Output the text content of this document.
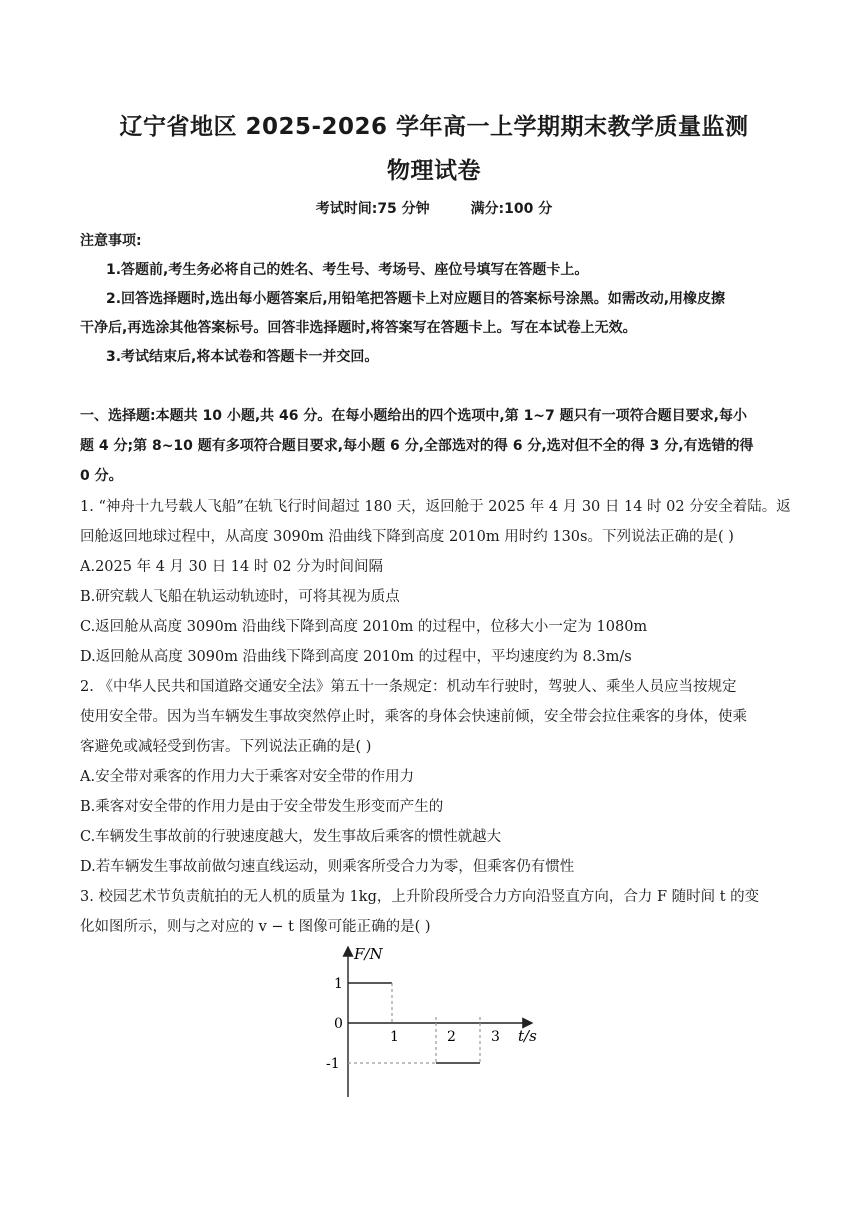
辽宁省地区 2025-2026 学年高一上学期期末教学质量监测
物理试卷
考试时间:75 分钟	满分:100 分
注意事项:
1.答题前,考生务必将自己的姓名、考生号、考场号、座位号填写在答题卡上。
2.回答选择题时,选出每小题答案后,用铅笔把答题卡上对应题目的答案标号涂黑。如需改动,用橡皮擦
干净后,再选涂其他答案标号。回答非选择题时,将答案写在答题卡上。写在本试卷上无效。
3.考试结束后,将本试卷和答题卡一并交回。
一、选择题:本题共 10 小题,共 46 分。在每小题给出的四个选项中,第 1~7 题只有一项符合题目要求,每小
题 4 分;第 8~10 题有多项符合题目要求,每小题 6 分,全部选对的得 6 分,选对但不全的得 3 分,有选错的得
0 分。
1. “神舟十九号载人飞船”在轨飞行时间超过 180 天，返回舱于 2025 年 4 月 30 日 14 时 02 分安全着陆。返
回舱返回地球过程中，从高度 3090m 沿曲线下降到高度 2010m 用时约 130s。下列说法正确的是( )
A.2025 年 4 月 30 日 14 时 02 分为时间间隔
B.研究载人飞船在轨运动轨迹时，可将其视为质点
C.返回舱从高度 3090m 沿曲线下降到高度 2010m 的过程中，位移大小一定为 1080m
D.返回舱从高度 3090m 沿曲线下降到高度 2010m 的过程中，平均速度约为 8.3m/s
2. 《中华人民共和国道路交通安全法》第五十一条规定：机动车行驶时，驾驶人、乘坐人员应当按规定
使用安全带。因为当车辆发生事故突然停止时，乘客的身体会快速前倾，安全带会拉住乘客的身体，使乘
客避免或减轻受到伤害。下列说法正确的是( )
A.安全带对乘客的作用力大于乘客对安全带的作用力
B.乘客对安全带的作用力是由于安全带发生形变而产生的
C.车辆发生事故前的行驶速度越大，发生事故后乘客的惯性就越大
D.若车辆发生事故前做匀速直线运动，则乘客所受合力为零，但乘客仍有惯性
3. 校园艺术节负责航拍的无人机的质量为 1kg，上升阶段所受合力方向沿竖直方向，合力 F 随时间 t 的变
化如图所示，则与之对应的 v − t 图像可能正确的是( )
F/N
t/s
0
1
-1
1	2	3
